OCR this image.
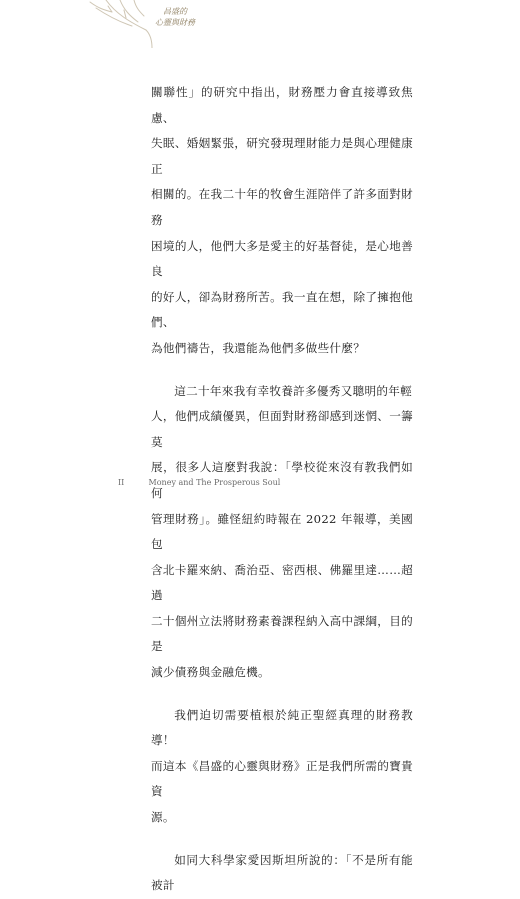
昌盛的
心靈與財務
關聯性」的研究中指出，財務壓力會直接導致焦慮、
失眠、婚姻緊張，研究發現理財能力是與心理健康正
相關的。在我二十年的牧會生涯陪伴了許多面對財務
困境的人，他們大多是愛主的好基督徒，是心地善良
的好人，卻為財務所苦。我一直在想，除了擁抱他們、
為他們禱告，我還能為他們多做些什麼？
這二十年來我有幸牧養許多優秀又聰明的年輕
人，他們成績優異，但面對財務卻感到迷惘、一籌莫
展，很多人這麼對我說：「學校從來沒有教我們如何
管理財務」。雖怪紐約時報在 2022 年報導，美國包
含北卡羅來納、喬治亞、密西根、佛羅里達……超過
二十個州立法將財務素養課程納入高中課綱，目的是
減少債務與金融危機。
我們迫切需要植根於純正聖經真理的財務教導！
而這本《昌盛的心靈與財務》正是我們所需的寶貴資
源。
如同大科學家愛因斯坦所說的：「不是所有能被計
II	Money and The Prosperous Soul
